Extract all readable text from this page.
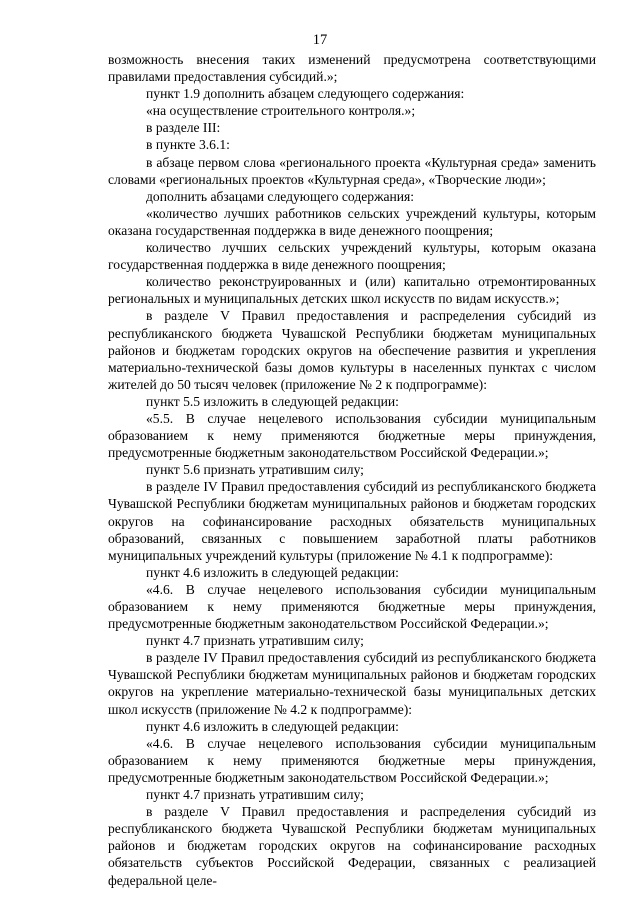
17

возможность внесения таких изменений предусмотрена соответствующими правилами предоставления субсидий.»;

пункт 1.9 дополнить абзацем следующего содержания:

«на осуществление строительного контроля.»;

в разделе III:

в пункте 3.6.1:

в абзаце первом слова «регионального проекта «Культурная среда» заменить словами «региональных проектов «Культурная среда», «Творческие люди»;

дополнить абзацами следующего содержания:

«количество лучших работников сельских учреждений культуры, которым оказана государственная поддержка в виде денежного поощрения;

количество лучших сельских учреждений культуры, которым оказана государственная поддержка в виде денежного поощрения;

количество реконструированных и (или) капитально отремонтированных региональных и муниципальных детских школ искусств по видам искусств.»;

в разделе V Правил предоставления и распределения субсидий из республиканского бюджета Чувашской Республики бюджетам муниципальных районов и бюджетам городских округов на обеспечение развития и укрепления материально-технической базы домов культуры в населенных пунктах с числом жителей до 50 тысяч человек (приложение № 2 к подпрограмме):

пункт 5.5 изложить в следующей редакции:

«5.5. В случае нецелевого использования субсидии муниципальным образованием к нему применяются бюджетные меры принуждения, предусмотренные бюджетным законодательством Российской Федерации.»;

пункт 5.6 признать утратившим силу;

в разделе IV Правил предоставления субсидий из республиканского бюджета Чувашской Республики бюджетам муниципальных районов и бюджетам городских округов на софинансирование расходных обязательств муниципальных образований, связанных с повышением заработной платы работников муниципальных учреждений культуры (приложение № 4.1 к подпрограмме):

пункт 4.6 изложить в следующей редакции:

«4.6. В случае нецелевого использования субсидии муниципальным образованием к нему применяются бюджетные меры принуждения, предусмотренные бюджетным законодательством Российской Федерации.»;

пункт 4.7 признать утратившим силу;

в разделе IV Правил предоставления субсидий из республиканского бюджета Чувашской Республики бюджетам муниципальных районов и бюджетам городских округов на укрепление материально-технической базы муниципальных детских школ искусств (приложение № 4.2 к подпрограмме):

пункт 4.6 изложить в следующей редакции:

«4.6. В случае нецелевого использования субсидии муниципальным образованием к нему применяются бюджетные меры принуждения, предусмотренные бюджетным законодательством Российской Федерации.»;

пункт 4.7 признать утратившим силу;

в разделе V Правил предоставления и распределения субсидий из республиканского бюджета Чувашской Республики бюджетам муниципальных районов и бюджетам городских округов на софинансирование расходных обязательств субъектов Российской Федерации, связанных с реализацией федеральной целе-
